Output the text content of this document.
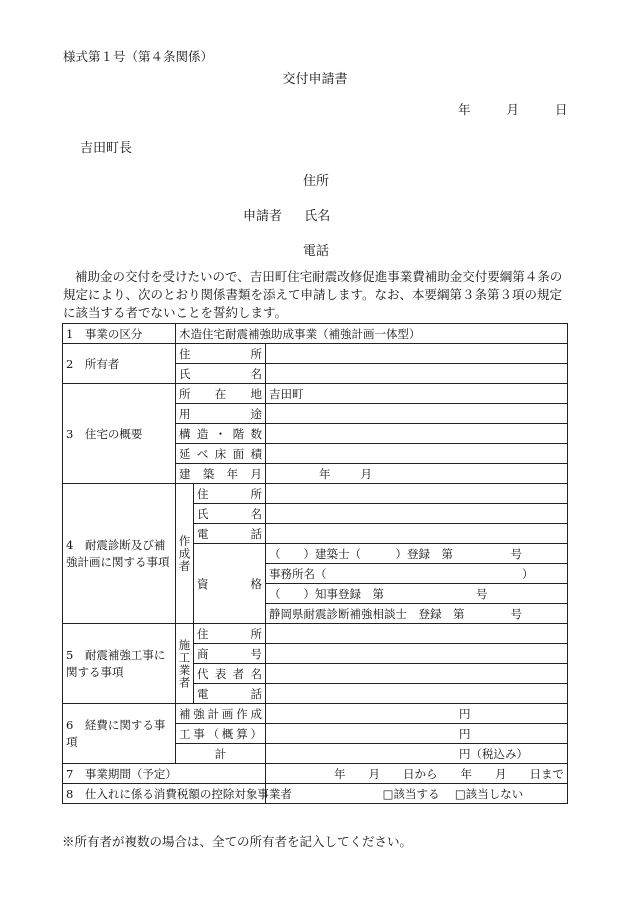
様式第１号（第４条関係）
交付申請書
年	月	日
吉田町長
住所
申請者 氏名
電話
補助金の交付を受けたいので、吉田町住宅耐震改修促進事業費補助金交付要綱第４条の規定により、次のとおり関係書類を添えて申請します。なお、本要綱第３条第３項の規定に該当する者でないことを誓約します。
1　事業の区分	木造住宅耐震補強助成事業（補強計画一体型）		
2　所有者	住所		
	氏名		
3　住宅の概要	所在地		吉田町
	用途		
	構造・階数		
	延べ床面積		
	建築年月		年 月
4　耐震診断及び補強計画に関する事項	作成者	住所	
		氏名	
		電話	
		資格	（　　）建築士（　　　）登録　第　　　　　号
			事務所名（　　　　　　　　　　　　　　　　　）
			（　　）知事登録　第　　　　　　　　号
			静岡県耐震診断補強相談士　登録　第　　　　号
5　耐震補強工事に関する事項	施工業者	住所	
		商号	
		代表者名	
		電話	
6　経費に関する事項	補強計画作成		円
	工事（概算）		円
	計		円（税込み）
7　事業期間（予定）			年　　月　　日から　　年　　月　　日まで
8　仕入れに係る消費税額の控除対象事業者			□該当する □該当しない
※所有者が複数の場合は、全ての所有者を記入してください。
